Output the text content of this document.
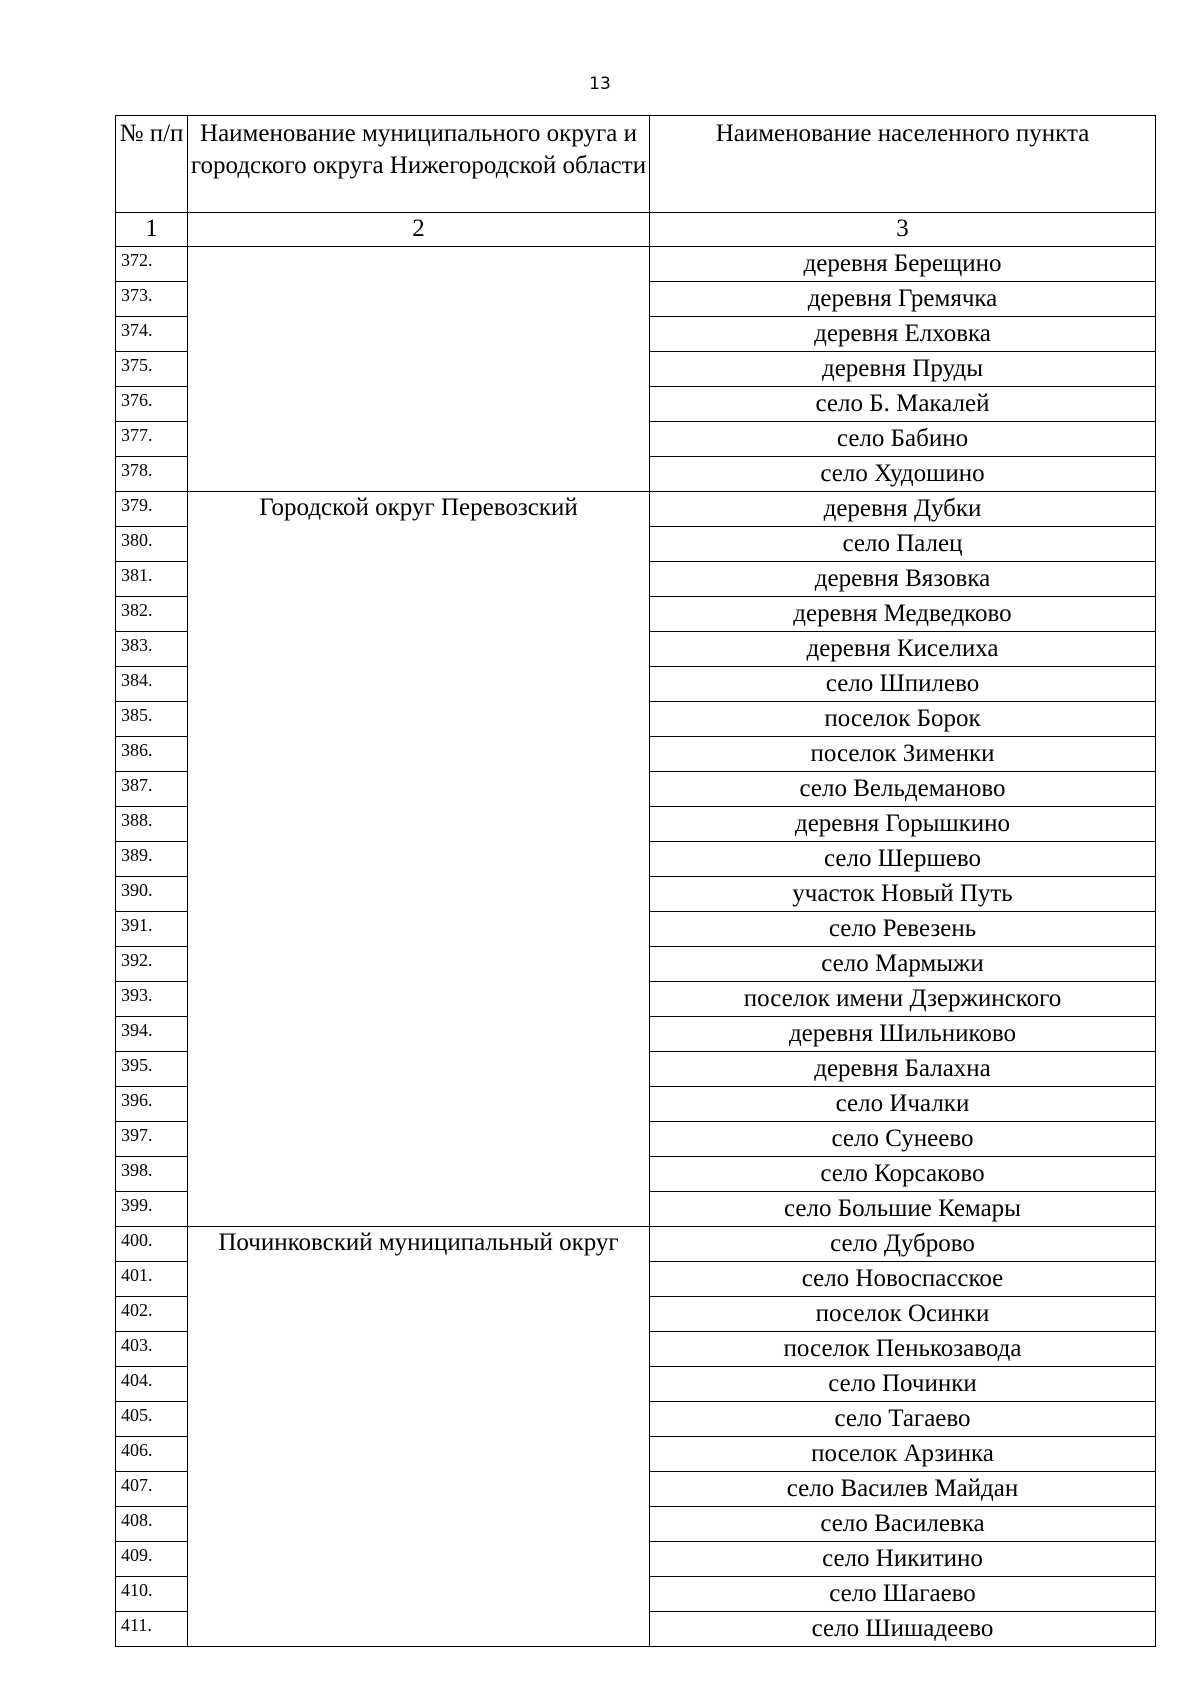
13
№ п/п	Наименование муниципального округа и городского округа Нижегородской области	Наименование населенного пункта
1	2	3
372.		деревня Берещино
373.		деревня Гремячка
374.		деревня Елховка
375.		деревня Пруды
376.		село Б. Макалей
377.		село Бабино
378.		село Худошино
379.	Городской округ Перевозский	деревня Дубки
380.		село Палец
381.		деревня Вязовка
382.		деревня Медведково
383.		деревня Киселиха
384.		село Шпилево
385.		поселок Борок
386.		поселок Зименки
387.		село Вельдеманово
388.		деревня Горышкино
389.		село Шершево
390.		участок Новый Путь
391.		село Ревезень
392.		село Мармыжи
393.		поселок имени Дзержинского
394.		деревня Шильниково
395.		деревня Балахна
396.		село Ичалки
397.		село Сунеево
398.		село Корсаково
399.		село Большие Кемары
400.	Починковский муниципальный округ	село Дуброво
401.		село Новоспасское
402.		поселок Осинки
403.		поселок Пенькозавода
404.		село Починки
405.		село Тагаево
406.		поселок Арзинка
407.		село Василев Майдан
408.		село Василевка
409.		село Никитино
410.		село Шагаево
411.		село Шишадеево
